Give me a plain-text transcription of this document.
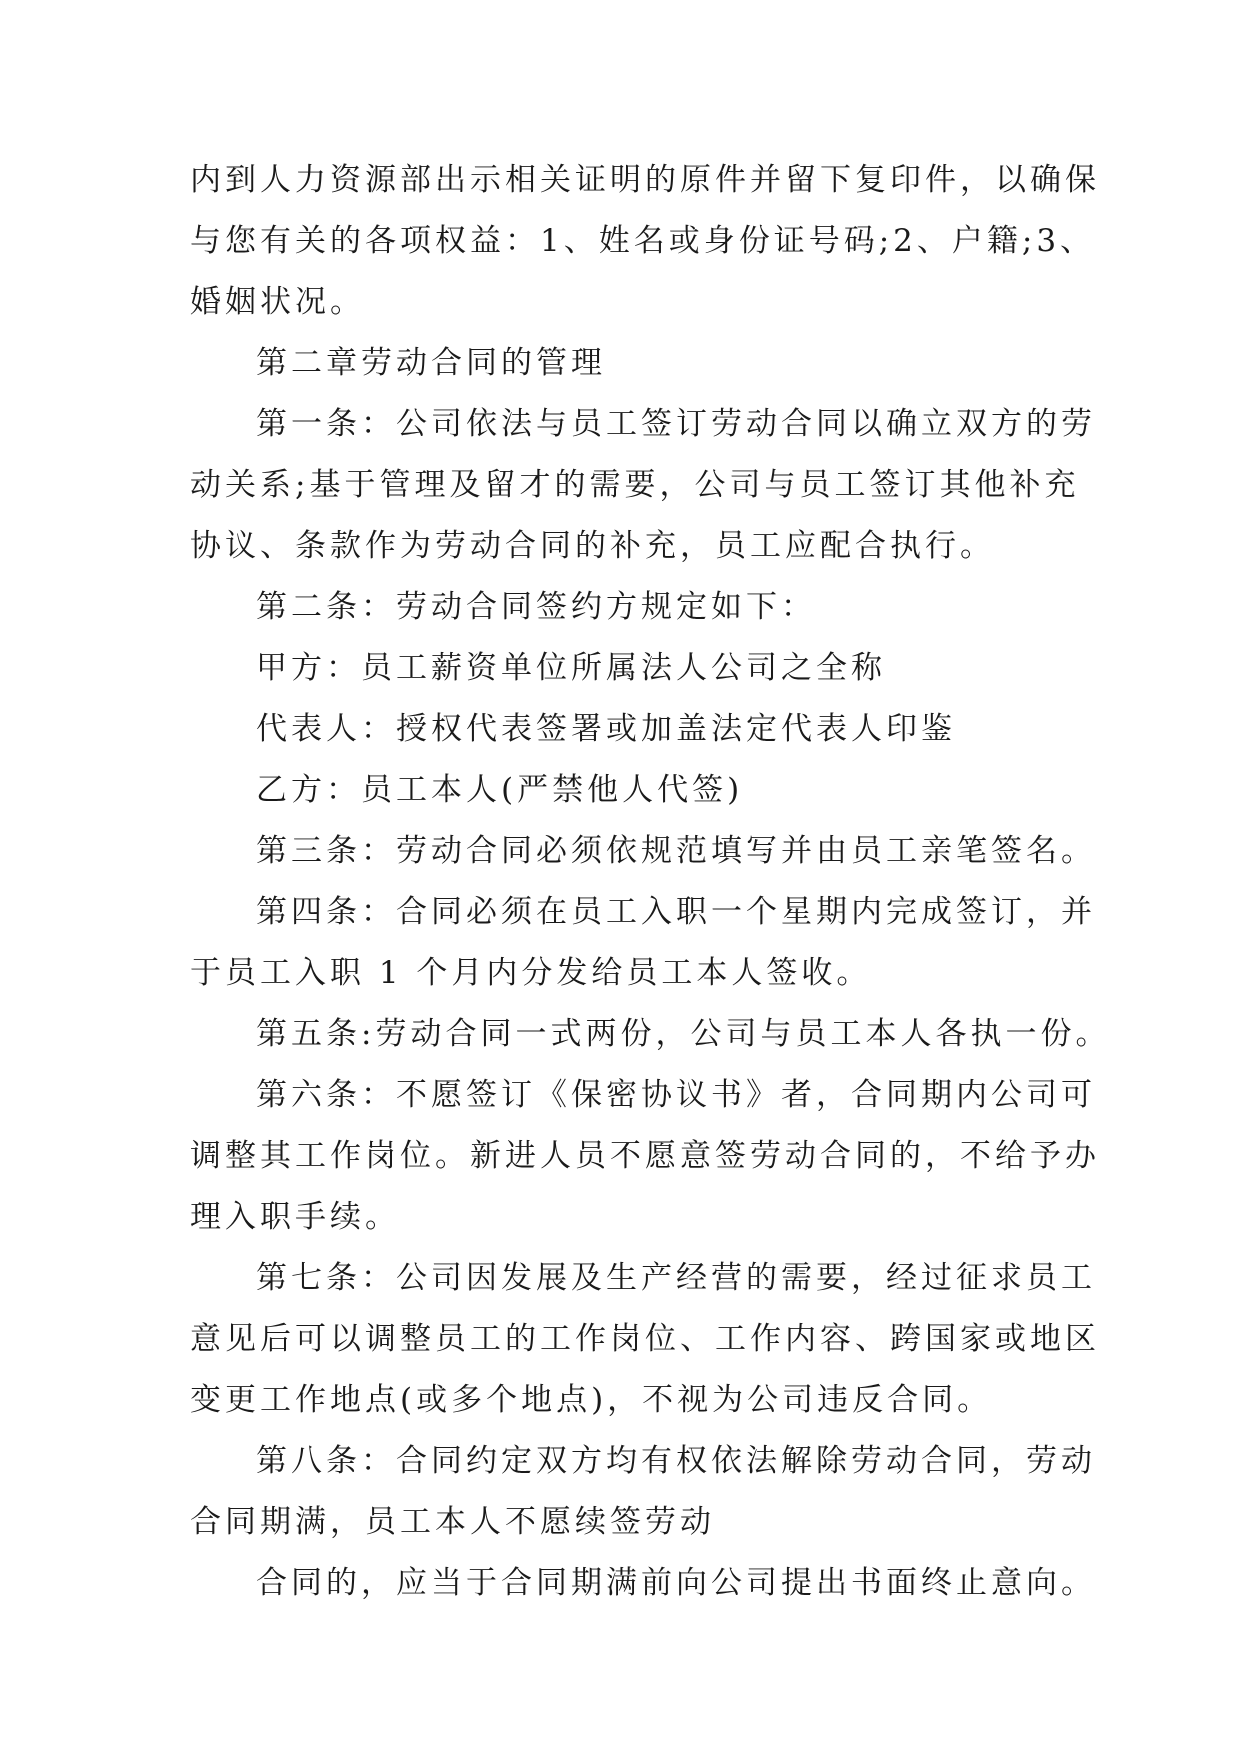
内到人力资源部出示相关证明的原件并留下复印件，以确保
与您有关的各项权益：1、姓名或身份证号码;2、户籍;3、
婚姻状况。
第二章劳动合同的管理
第一条：公司依法与员工签订劳动合同以确立双方的劳
动关系;基于管理及留才的需要，公司与员工签订其他补充
协议、条款作为劳动合同的补充，员工应配合执行。
第二条：劳动合同签约方规定如下：
甲方：员工薪资单位所属法人公司之全称
代表人：授权代表签署或加盖法定代表人印鉴
乙方：员工本人(严禁他人代签)
第三条：劳动合同必须依规范填写并由员工亲笔签名。
第四条：合同必须在员工入职一个星期内完成签订，并
于员工入职 1 个月内分发给员工本人签收。
第五条:劳动合同一式两份，公司与员工本人各执一份。
第六条：不愿签订《保密协议书》者，合同期内公司可
调整其工作岗位。新进人员不愿意签劳动合同的，不给予办
理入职手续。
第七条：公司因发展及生产经营的需要，经过征求员工
意见后可以调整员工的工作岗位、工作内容、跨国家或地区
变更工作地点(或多个地点)，不视为公司违反合同。
第八条：合同约定双方均有权依法解除劳动合同，劳动
合同期满，员工本人不愿续签劳动
合同的，应当于合同期满前向公司提出书面终止意向。
